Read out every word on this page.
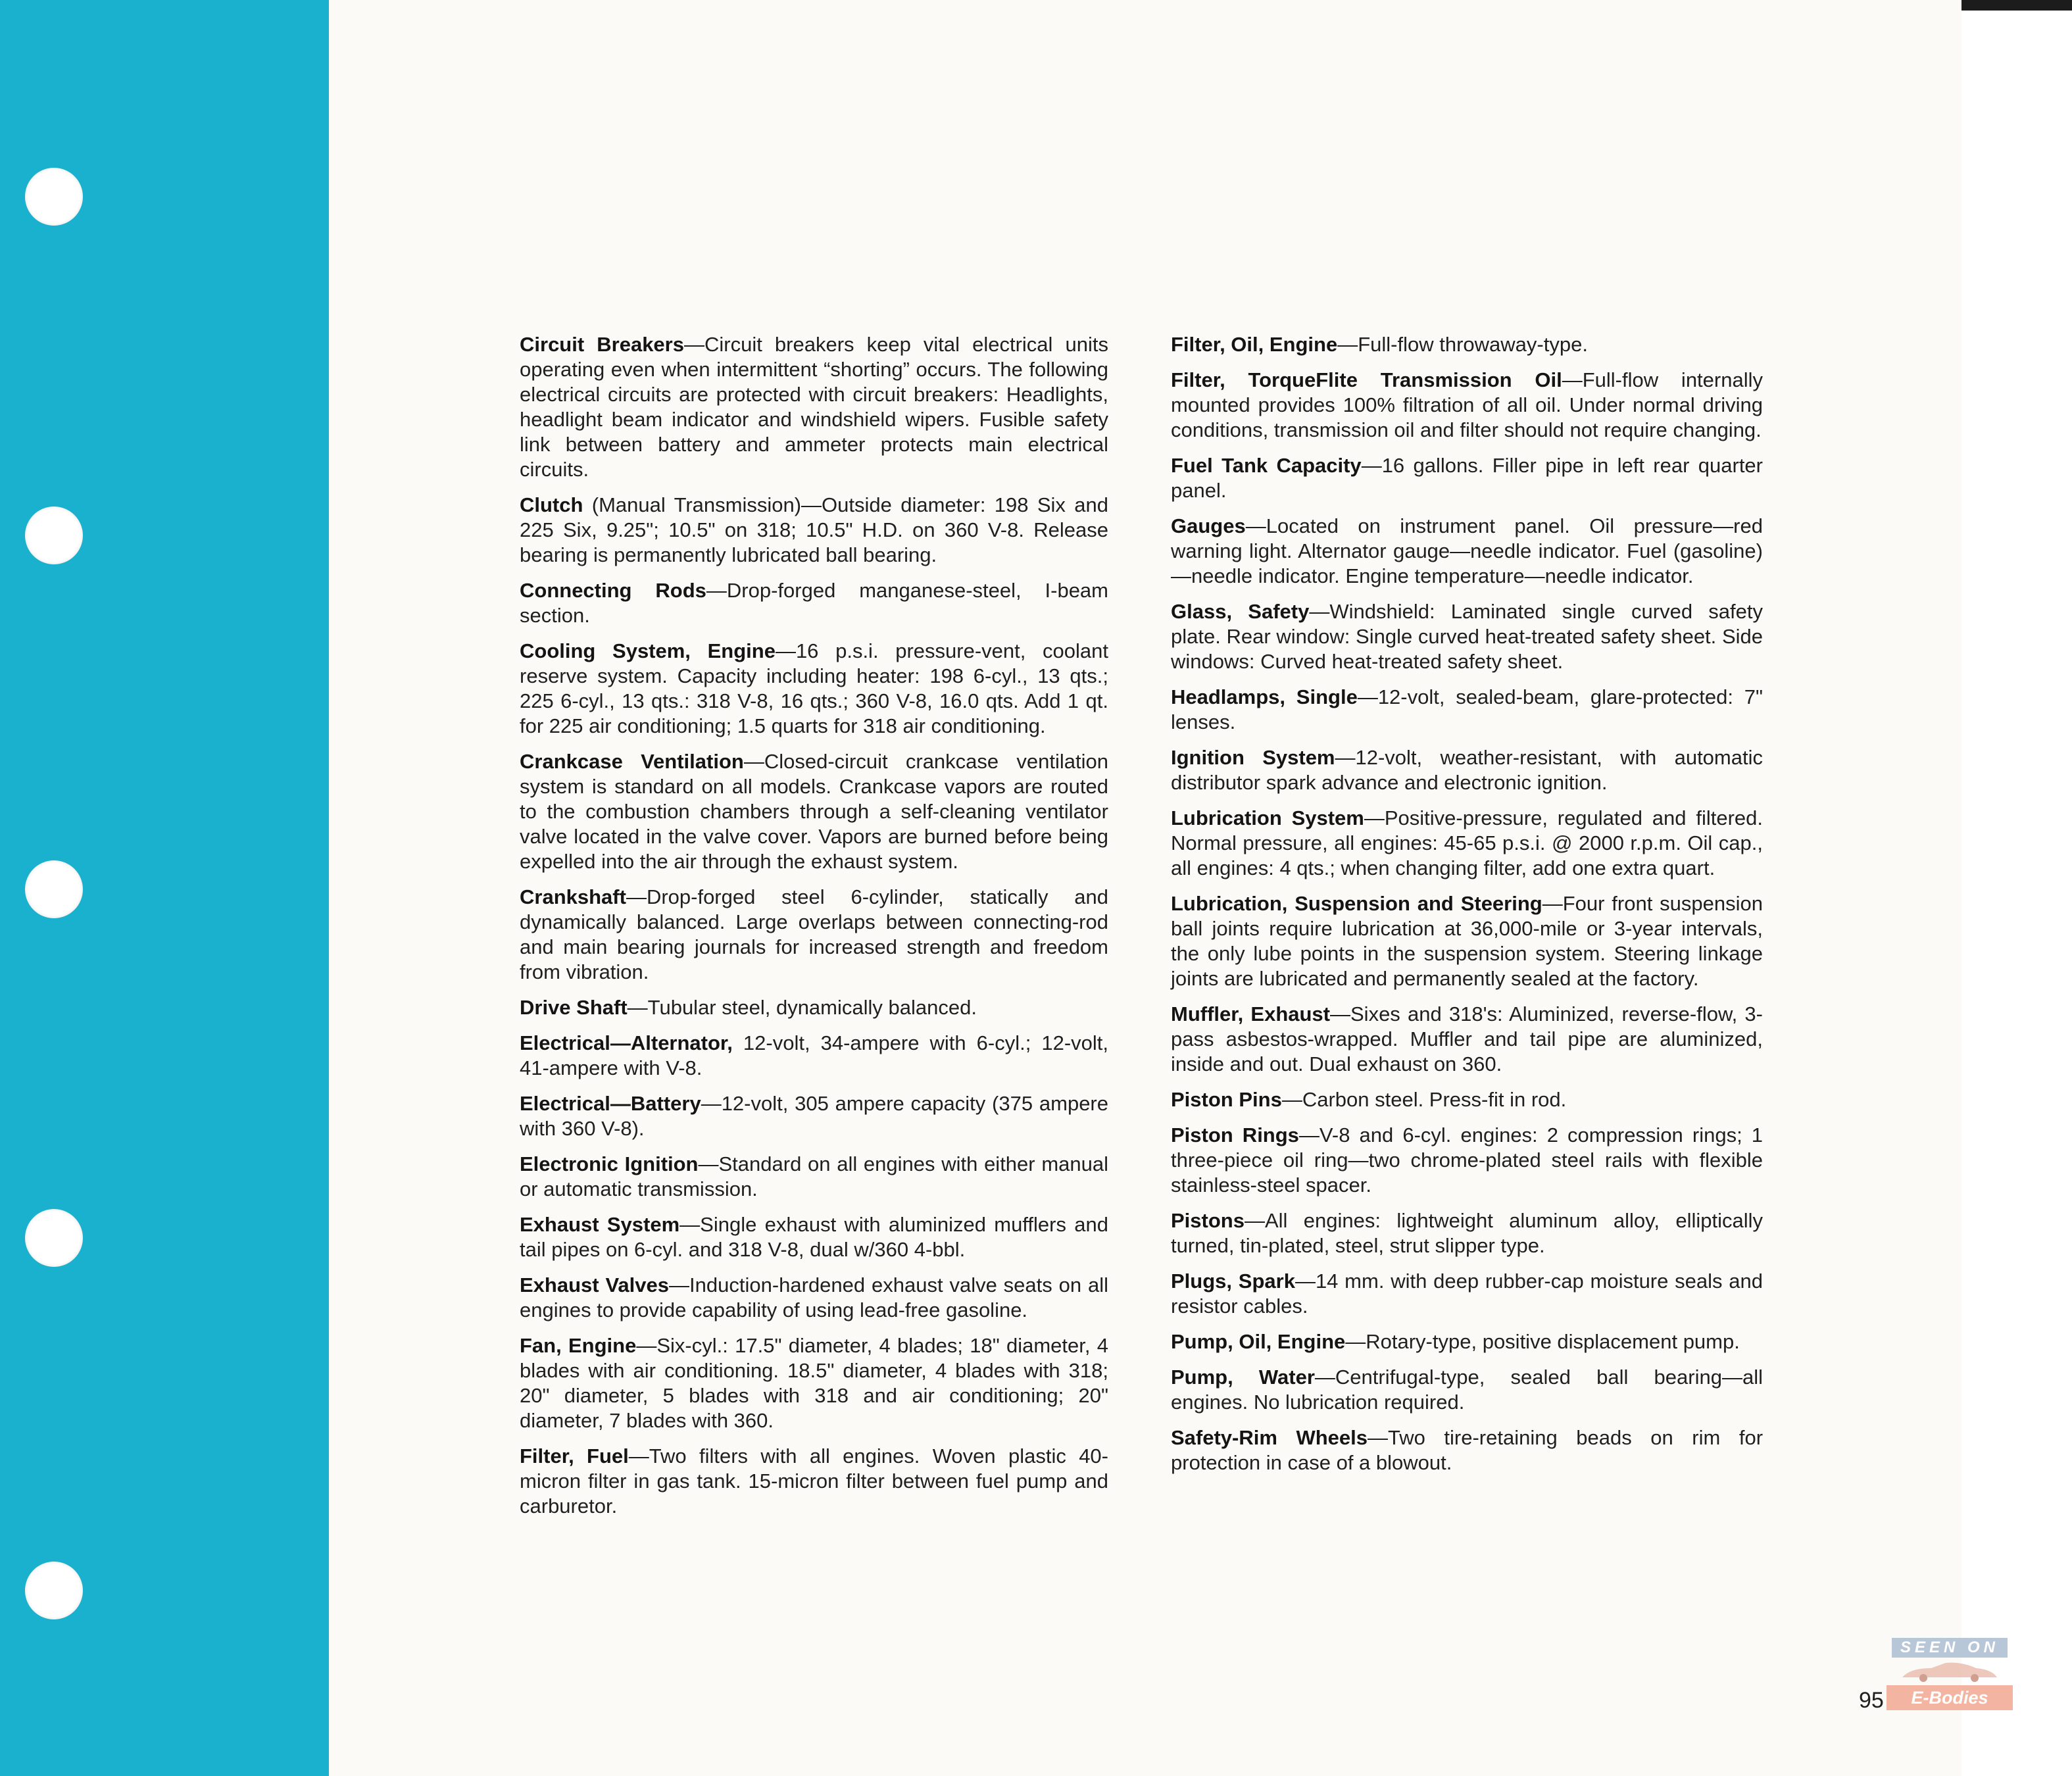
Circuit Breakers—Circuit breakers keep vital electrical units operating even when intermittent “shorting” occurs. The following electrical circuits are protected with circuit breakers: Headlights, headlight beam indicator and windshield wipers. Fusible safety link between battery and ammeter protects main electrical circuits.

Clutch (Manual Transmission)—Outside diameter: 198 Six and 225 Six, 9.25"; 10.5" on 318; 10.5" H.D. on 360 V-8. Release bearing is permanently lubricated ball bearing.

Connecting Rods—Drop-forged manganese-steel, I-beam section.

Cooling System, Engine—16 p.s.i. pressure-vent, coolant reserve system. Capacity including heater: 198 6-cyl., 13 qts.; 225 6-cyl., 13 qts.: 318 V-8, 16 qts.; 360 V-8, 16.0 qts. Add 1 qt. for 225 air conditioning; 1.5 quarts for 318 air conditioning.

Crankcase Ventilation—Closed-circuit crankcase ventilation system is standard on all models. Crankcase vapors are routed to the combustion chambers through a self-cleaning ventilator valve located in the valve cover. Vapors are burned before being expelled into the air through the exhaust system.

Crankshaft—Drop-forged steel 6-cylinder, statically and dynamically balanced. Large overlaps between connecting-rod and main bearing journals for increased strength and freedom from vibration.

Drive Shaft—Tubular steel, dynamically balanced.

Electrical—Alternator, 12-volt, 34-ampere with 6-cyl.; 12-volt, 41-ampere with V-8.

Electrical—Battery—12-volt, 305 ampere capacity (375 ampere with 360 V-8).

Electronic Ignition—Standard on all engines with either manual or automatic transmission.

Exhaust System—Single exhaust with aluminized mufflers and tail pipes on 6-cyl. and 318 V-8, dual w/360 4-bbl.

Exhaust Valves—Induction-hardened exhaust valve seats on all engines to provide capability of using lead-free gasoline.

Fan, Engine—Six-cyl.: 17.5" diameter, 4 blades; 18" diameter, 4 blades with air conditioning. 18.5" diameter, 4 blades with 318; 20" diameter, 5 blades with 318 and air conditioning; 20" diameter, 7 blades with 360.

Filter, Fuel—Two filters with all engines. Woven plastic 40-micron filter in gas tank. 15-micron filter between fuel pump and carburetor.

Filter, Oil, Engine—Full-flow throwaway-type.

Filter, TorqueFlite Transmission Oil—Full-flow internally mounted provides 100% filtration of all oil. Under normal driving conditions, transmission oil and filter should not require changing.

Fuel Tank Capacity—16 gallons. Filler pipe in left rear quarter panel.

Gauges—Located on instrument panel. Oil pressure—red warning light. Alternator gauge—needle indicator. Fuel (gasoline)—needle indicator. Engine temperature—needle indicator.

Glass, Safety—Windshield: Laminated single curved safety plate. Rear window: Single curved heat-treated safety sheet. Side windows: Curved heat-treated safety sheet.

Headlamps, Single—12-volt, sealed-beam, glare-protected: 7" lenses.

Ignition System—12-volt, weather-resistant, with automatic distributor spark advance and electronic ignition.

Lubrication System—Positive-pressure, regulated and filtered. Normal pressure, all engines: 45-65 p.s.i. @ 2000 r.p.m. Oil cap., all engines: 4 qts.; when changing filter, add one extra quart.

Lubrication, Suspension and Steering—Four front suspension ball joints require lubrication at 36,000-mile or 3-year intervals, the only lube points in the suspension system. Steering linkage joints are lubricated and permanently sealed at the factory.

Muffler, Exhaust—Sixes and 318's: Aluminized, reverse-flow, 3-pass asbestos-wrapped. Muffler and tail pipe are aluminized, inside and out. Dual exhaust on 360.

Piston Pins—Carbon steel. Press-fit in rod.

Piston Rings—V-8 and 6-cyl. engines: 2 compression rings; 1 three-piece oil ring—two chrome-plated steel rails with flexible stainless-steel spacer.

Pistons—All engines: lightweight aluminum alloy, elliptically turned, tin-plated, steel, strut slipper type.

Plugs, Spark—14 mm. with deep rubber-cap moisture seals and resistor cables.

Pump, Oil, Engine—Rotary-type, positive displacement pump.

Pump, Water—Centrifugal-type, sealed ball bearing—all engines. No lubrication required.

Safety-Rim Wheels—Two tire-retaining beads on rim for protection in case of a blowout.

95
SEEN ON
E-Bodies
